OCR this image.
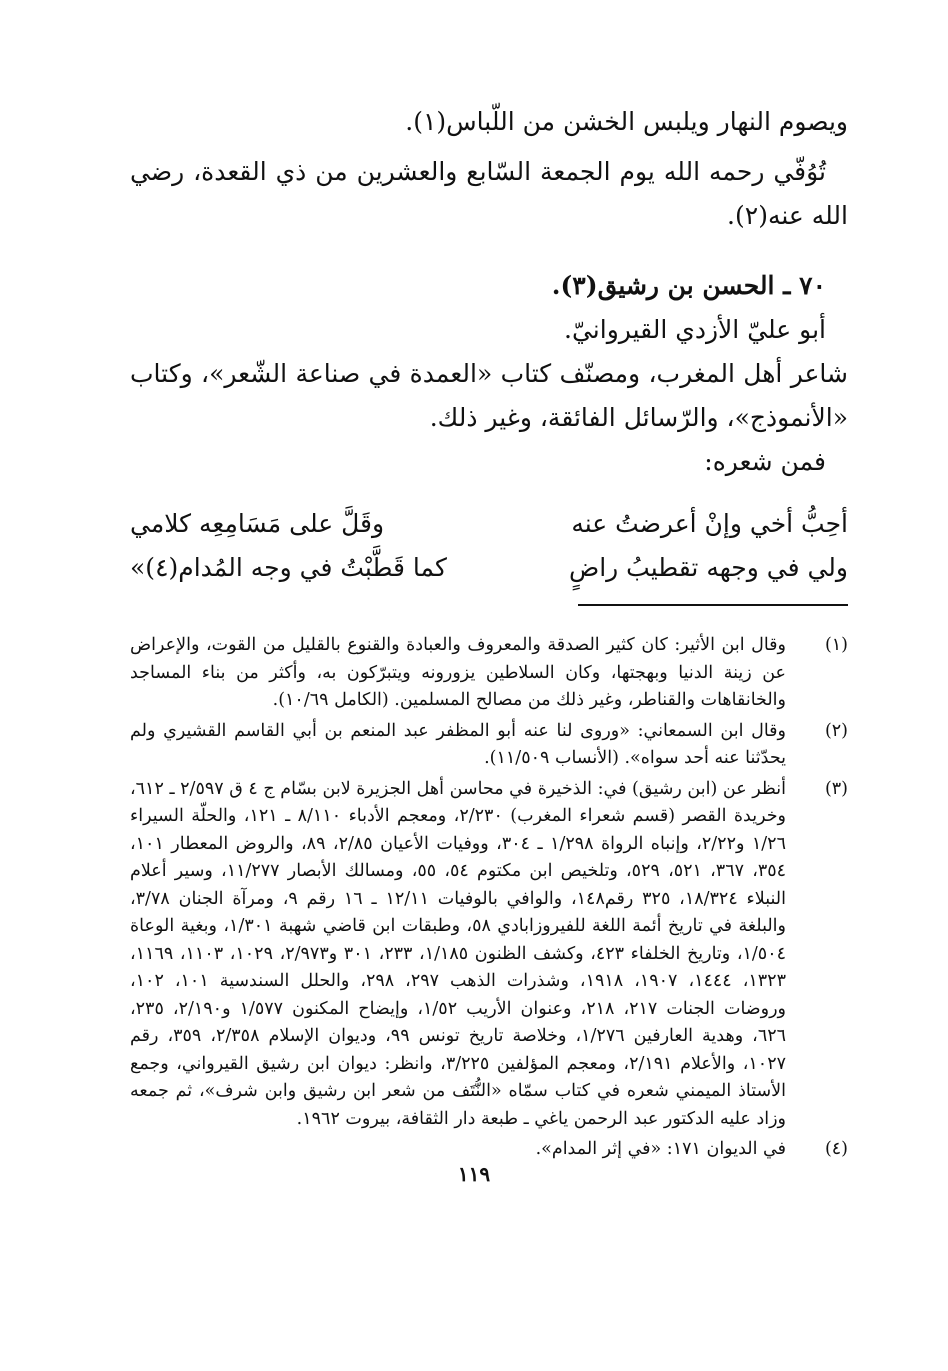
ويصوم النهار ويلبس الخشن من اللّباس(١).

تُوُفّي رحمه الله يوم الجمعة السّابع والعشرين من ذي القعدة، رضي الله عنه(٢).

٧٠ ـ الحسن بن رشيق(٣).

أبو عليّ الأزدي القيروانيّ.

شاعر أهل المغرب، ومصنّف كتاب «العمدة في صناعة الشّعر»، وكتاب «الأنموذج»، والرّسائل الفائقة، وغير ذلك.

فمن شعره:

أحِبُّ أخي وإنْ أعرضتُ عنه
وقَلَّ على مَسَامِعِه كلامي
ولي في وجهه تقطيبُ راضٍ
كما قَطَّبْتُ في وجه المُدام(٤)»
(١)
وقال ابن الأثير: كان كثير الصدقة والمعروف والعبادة والقنوع بالقليل من القوت، والإعراض عن زينة الدنيا وبهجتها، وكان السلاطين يزورونه ويتبرّكون به، وأكثر من بناء المساجد والخانقاهات والقناطر، وغير ذلك من مصالح المسلمين. (الكامل ١٠/٦٩).
(٢)
وقال ابن السمعاني: «وروى لنا عنه أبو المظفر عبد المنعم بن أبي القاسم القشيري ولم يحدّثنا عنه أحد سواه». (الأنساب ١١/٥٠٩).
(٣)
أنظر عن (ابن رشيق) في: الذخيرة في محاسن أهل الجزيرة لابن بسّام ج ٤ ق ٢/٥٩٧ ـ ٦١٢، وخريدة القصر (قسم شعراء المغرب) ٢/٢٣٠، ومعجم الأدباء ٨/١١٠ ـ ١٢١، والحلّة السيراء ١/٢٦ و٢/٢٢، وإنباه الرواة ١/٢٩٨ ـ ٣٠٤، ووفيات الأعيان ٢/٨٥، ٨٩، والروض المعطار ١٠١، ٣٥٤، ٣٦٧، ٥٢١، ٥٢٩، وتلخيص ابن مكتوم ٥٤، ٥٥، ومسالك الأبصار ١١/٢٧٧، وسير أعلام النبلاء ١٨/٣٢٤، ٣٢٥ رقم١٤٨، والوافي بالوفيات ١٢/١١ ـ ١٦ رقم ٩، ومرآة الجنان ٣/٧٨، والبلغة في تاريخ أئمة اللغة للفيروزابادي ٥٨، وطبقات ابن قاضي شهبة ١/٣٠١، وبغية الوعاة ١/٥٠٤، وتاريخ الخلفاء ٤٢٣، وكشف الظنون ١/١٨٥، ٢٣٣، ٣٠١ و٢/٩٧٣، ١٠٢٩، ١١٠٣، ١١٦٩، ١٣٢٣، ١٤٤٤، ١٩٠٧، ١٩١٨، وشذرات الذهب ٢٩٧، ٢٩٨، والحلل السندسية ١٠١، ١٠٢، وروضات الجنات ٢١٧، ٢١٨، وعنوان الأريب ١/٥٢، وإيضاح المكنون ١/٥٧٧ و٢/١٩٠، ٢٣٥، ٦٢٦، وهدية العارفين ١/٢٧٦، وخلاصة تاريخ تونس ٩٩، وديوان الإسلام ٢/٣٥٨، ٣٥٩، رقم ١٠٢٧، والأعلام ٢/١٩١، ومعجم المؤلفين ٣/٢٢٥، وانظر: ديوان ابن رشيق القيرواني، وجمع الأستاذ الميمني شعره في كتاب سمّاه «النُّتَف من شعر ابن رشيق وابن شرف»، ثم جمعه وزاد عليه الدكتور عبد الرحمن ياغي ـ طبعة دار الثقافة، بيروت ١٩٦٢.
(٤)
في الديوان ١٧١: «في إثر المدام».
١١٩
